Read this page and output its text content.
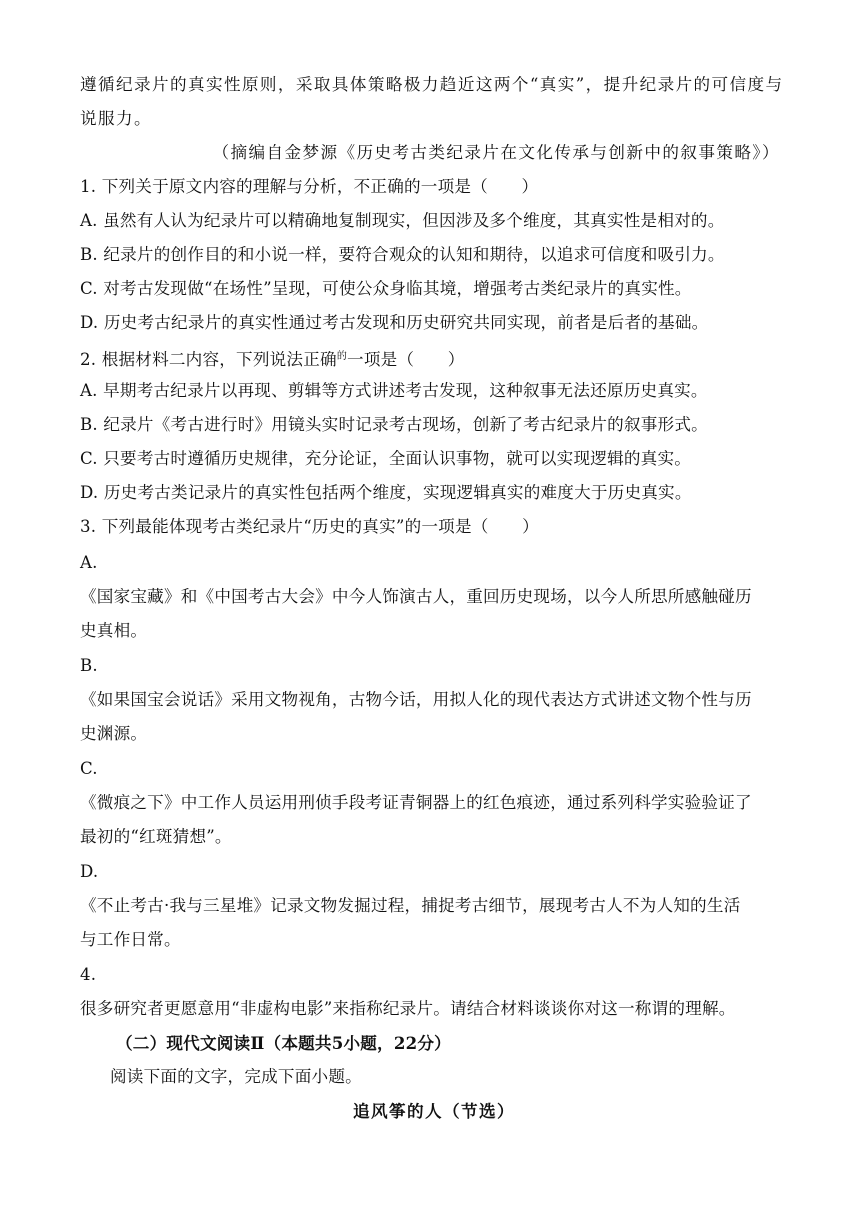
遵循纪录片的真实性原则，采取具体策略极力趋近这两个“真实”，提升纪录片的可信度与
说服力。
（摘编自金梦源《历史考古类纪录片在文化传承与创新中的叙事策略》）
1. 下列关于原文内容的理解与分析，不正确的一项是（　　）
A. 虽然有人认为纪录片可以精确地复制现实，但因涉及多个维度，其真实性是相对的。
B. 纪录片的创作目的和小说一样，要符合观众的认知和期待，以追求可信度和吸引力。
C. 对考古发现做“在场性”呈现，可使公众身临其境，增强考古类纪录片的真实性。
D. 历史考古纪录片的真实性通过考古发现和历史研究共同实现，前者是后者的基础。
2. 根据材料二内容，下列说法正确$^的$一项是（　　）
A. 早期考古纪录片以再现、剪辑等方式讲述考古发现，这种叙事无法还原历史真实。
B. 纪录片《考古进行时》用镜头实时记录考古现场，创新了考古纪录片的叙事形式。
C. 只要考古时遵循历史规律，充分论证，全面认识事物，就可以实现逻辑的真实。
D. 历史考古类记录片的真实性包括两个维度，实现逻辑真实的难度大于历史真实。
3. 下列最能体现考古类纪录片“历史的真实”的一项是（　　）
A.
《国家宝藏》和《中国考古大会》中今人饰演古人，重回历史现场，以今人所思所感触碰历
史真相。
B.
《如果国宝会说话》采用文物视角，古物今话，用拟人化的现代表达方式讲述文物个性与历
史渊源。
C.
《微痕之下》中工作人员运用刑侦手段考证青铜器上的红色痕迹，通过系列科学实验验证了
最初的“红斑猜想”。
D.
《不止考古·我与三星堆》记录文物发掘过程，捕捉考古细节，展现考古人不为人知的生活
与工作日常。
4.
很多研究者更愿意用“非虚构电影”来指称纪录片。请结合材料谈谈你对这一称谓的理解。
（二）现代文阅读Ⅱ（本题共5小题，22分）
阅读下面的文字，完成下面小题。
追风筝的人（节选）
